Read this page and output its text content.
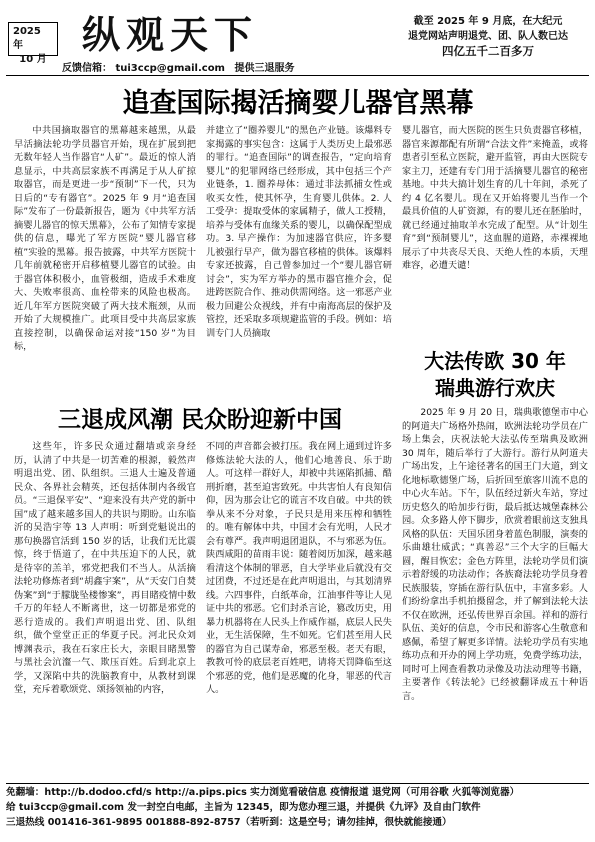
2025 年
10 月
纵观天下
反馈信箱： tui3ccp@gmail.com 提供三退服务
截至 2025 年 9 月底，在大纪元
退党网站声明退党、团、队人数已达
四亿五千二百多万
追查国际揭活摘婴儿器官黑幕

中共国摘取器官的黑幕越来越黑，从最早活摘法轮功学员器官开始，现在扩展到把无数年轻人当作器官“人矿”。最近的惊人消息显示，中共高层家族不再满足于从人矿掠取器官，而是更进一步“预制”下一代，只为日后的“专有器官”。2025 年 9 月“追查国际”发布了一份最新报告，题为《中共军方活摘婴儿器官的惊天黑幕》，公布了知情专家提供的信息，曝光了军方医院“婴儿器官移植”实验的黑幕。报告披露，中共军方医院十几年前就秘密开启移植婴儿器官的试验。由于器官体积极小，血管极细，造成手术难度大、失败率很高、血栓带来的风险也极高。近几年军方医院突破了两大技术瓶颈，从而开始了大规模推广。此项目受中共高层家族直接控制，以确保命运对接“150 岁”为目标，

并建立了“圈养婴儿”的黑色产业链。该爆料专家揭露的事实包含：这属于人类历史上最邪恶的罪行。“追查国际”的调查报告，“定向培育婴儿”的犯罪网络已经形成，其中包括三个产业链条，1. 圈养母体：通过非法抓捕女性或收买女性，使其怀孕，生育婴儿供体。2. 人工受孕：提取受体的家属精子，做人工授精，培养与受体有血缘关系的婴儿，以确保配型成功。3. 早产操作：为加速器官供应，许多婴儿被强行早产，做为器官移植的供体。该爆料专家还披露，自己曾参加过一个“婴儿器官研讨会”，实为军方举办的黑市器官推介会，促进跨医院合作、推动供需网络。这一邪恶产业极力回避公众视线，并有中南海高层的保护及管控，还采取多项规避监管的手段。例如：培训专门人员摘取

婴儿器官，而大医院的医生只负责器官移植，器官来源都配有所谓“合法文件”来掩盖，或将患者引至私立医院，避开监管，再由大医院专家主刀，还建有专门用于活摘婴儿器官的秘密基地。中共大搞计划生育的几十年间，杀死了约 4 亿名婴儿。现在又开始将婴儿当作一个最具价值的人矿资源，有的婴儿还在胚胎时，就已经通过抽取羊水完成了配型。从“计划生育”到“预制婴儿”，这血腥的道路，赤裸裸地展示了中共丧尽天良、天绝人性的本质，天理难容，必遭天谴！

三退成风潮 民众盼迎新中国

这些年，许多民众通过翻墙或亲身经历，认清了中共是一切苦难的根源，毅然声明退出党、团、队组织。三退人士遍及普通民众、各界社会精英，还包括体制内各级官员。“三退保平安”、“迎来没有共产党的新中国”成了越来越多国人的共识与期盼。山东临沂的吴浩宇等 13 人声明：听到党魁说出的那句换器官活到 150 岁的话，让我们无比震惊，终于悟道了，在中共压迫下的人民，就是待宰的羔羊，邪党把我们不当人。从活摘法轮功修炼者到“胡鑫宇案”，从“天安门自焚伪案”到“于朦胧坠楼惨案”，再目睹疫情中数千万的年轻人不断离世，这一切都是邪党的恶行造成的。我们声明退出党、团、队组织，做个堂堂正正的华夏子民。河北民众刘博渊表示，我在石家庄长大，亲眼目睹黑警与黑社会沆瀣一气、欺压百姓。后到北京上学，又深陷中共的洗脑教育中，从教材到课堂，充斥着歌颂党、颂扬领袖的内容，

不同的声音都会被打压。我在网上通到过许多修炼法轮大法的人，他们心地善良、乐于助人。可这样一群好人，却被中共诬陷抓捕、酷刑折磨，甚至迫害致死。中共害怕人有良知信仰，因为那会让它的谎言不攻自破。中共的铁拳从来不分对象，子民只是用来压榨和牺牲的。唯有解体中共，中国才会有光明，人民才会有尊严。我声明退团退队，不与邪恶为伍。陕西咸阳的苗雨丰说：随着阅历加深，越来越看清这个体制的罪恶，自大学毕业后就没有交过团费，不过还是在此声明退出，与其划清界线。六四事件，白纸革命，江油事件等让人见证中共的邪恶。它们封杀言论，篡改历史，用暴力机器将在人民头上作威作福，底层人民失业，无生活保障，生不如死。它们甚至用人民的器官为自己谋寿命，邪恶至极。老天有眼，教教可怜的底层老百姓吧，请将天罚降临至这个邪恶的党，他们是恶魔的化身，罪恶的代言人。

大法传欧 30 年
瑞典游行欢庆

2025 年 9 月 20 日，瑞典歌德堡市中心的阿道夫广场格外热闹，欧洲法轮功学员在广场上集会，庆祝法轮大法弘传至瑞典及欧洲 30 周年，随后举行了大游行。游行从阿道夫广场出发，上午途径著名的国王门大道，到文化地标歌德堡广场，后折回至旅客川流不息的中心火车站。下午，队伍经过新火车站，穿过历史悠久的哈加步行街，最后抵达城堡森林公园。众多路人停下脚步，欣赏着眼前这支独具风格的队伍：天国乐团身着蓝色制服，演奏的乐曲雄壮威武；“真善忍”三个大字的巨幅大圆，醒目恢宏；金色方阵里，法轮功学员们演示着舒缓的功法动作；各族裔法轮功学员身着民族服装，穿插在游行队伍中，丰富多彩。人们纷纷拿出手机拍摄留念，并了解到法轮大法不仅在欧洲，还弘传世界百余国。祥和的游行队伍、美好的信息，令市民和游客心生敬意和感佩，希望了解更多详情。法轮功学员有实地练功点和开办的网上学功班，免费学练功法，同时可上网查看教功录像及功法动理等书籍，主要著作《转法轮》已经被翻译成五十种语言。

免翻墙：http://b.dodoo.cfd/s http://a.pips.pics 实力浏览看破信息 疫情报道 退党网（可用谷歌 火狐等浏览器）
给 tui3ccp@gmail.com 发一封空白电邮，主旨为 12345，即为您办理三退，并提供《九评》及自由门软件
三退热线 001416-361-9895 001888-892-8757（若听到：这是空号；请勿挂掉，很快就能接通）
